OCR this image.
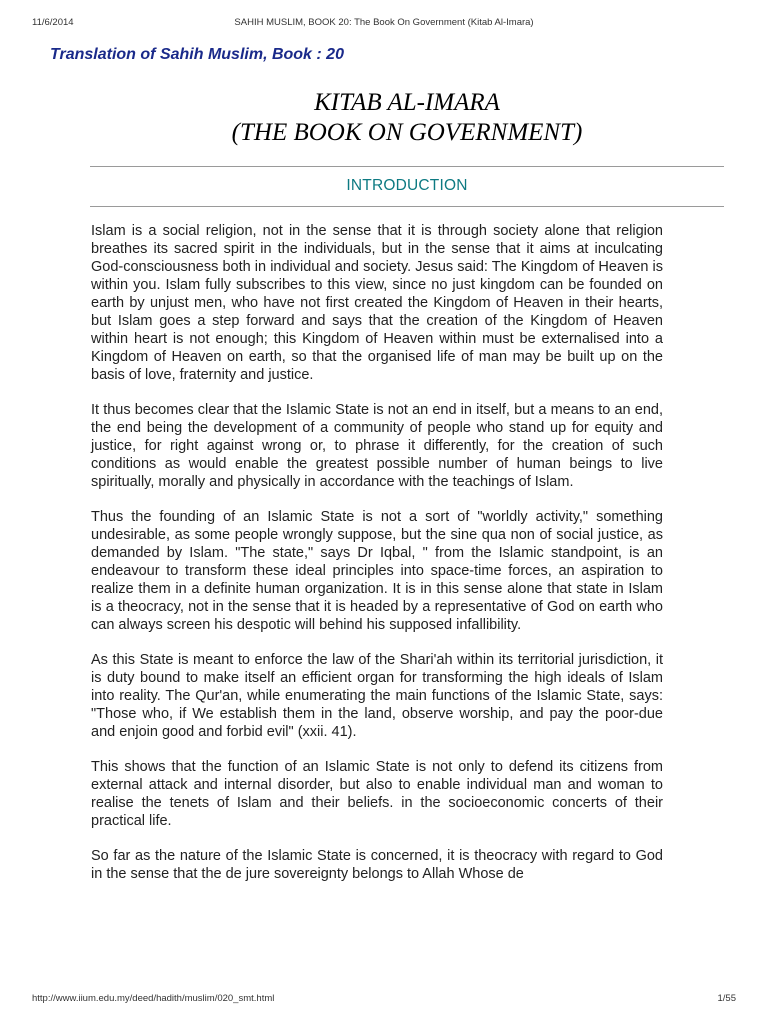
11/6/2014	SAHIH MUSLIM, BOOK 20: The Book On Government (Kitab Al-Imara)
Translation of Sahih Muslim, Book : 20
KITAB AL-IMARA
(THE BOOK ON GOVERNMENT)
INTRODUCTION

Islam is a social religion, not in the sense that it is through society alone that religion breathes its sacred spirit in the individuals, but in the sense that it aims at inculcating God-consciousness both in individual and society. Jesus said: The Kingdom of Heaven is within you. Islam fully subscribes to this view, since no just kingdom can be founded on earth by unjust men, who have not first created the Kingdom of Heaven in their hearts, but Islam goes a step forward and says that the creation of the Kingdom of Heaven within heart is not enough; this Kingdom of Heaven within must be externalised into a Kingdom of Heaven on earth, so that the organised life of man may be built up on the basis of love, fraternity and justice.

It thus becomes clear that the Islamic State is not an end in itself, but a means to an end, the end being the development of a community of people who stand up for equity and justice, for right against wrong or, to phrase it differently, for the creation of such conditions as would enable the greatest possible number of human beings to live spiritually, morally and physically in accordance with the teachings of Islam.

Thus the founding of an Islamic State is not a sort of "worldly activity," something undesirable, as some people wrongly suppose, but the sine qua non of social justice, as demanded by Islam. "The state," says Dr Iqbal, " from the Islamic standpoint, is an endeavour to transform these ideal principles into space-time forces, an aspiration to realize them in a definite human organization. It is in this sense alone that state in Islam is a theocracy, not in the sense that it is headed by a representative of God on earth who can always screen his despotic will behind his supposed infallibility.

As this State is meant to enforce the law of the Shari'ah within its territorial jurisdiction, it is duty bound to make itself an efficient organ for transforming the high ideals of Islam into reality. The Qur'an, while enumerating the main functions of the Islamic State, says: "Those who, if We establish them in the land, observe worship, and pay the poor-due and enjoin good and forbid evil" (xxii. 41).

This shows that the function of an Islamic State is not only to defend its citizens from external attack and internal disorder, but also to enable individual man and woman to realise the tenets of Islam and their beliefs. in the socioeconomic concerts of their practical life.

So far as the nature of the Islamic State is concerned, it is theocracy with regard to God in the sense that the de jure sovereignty belongs to Allah Whose de

http://www.iium.edu.my/deed/hadith/muslim/020_smt.html	1/55
